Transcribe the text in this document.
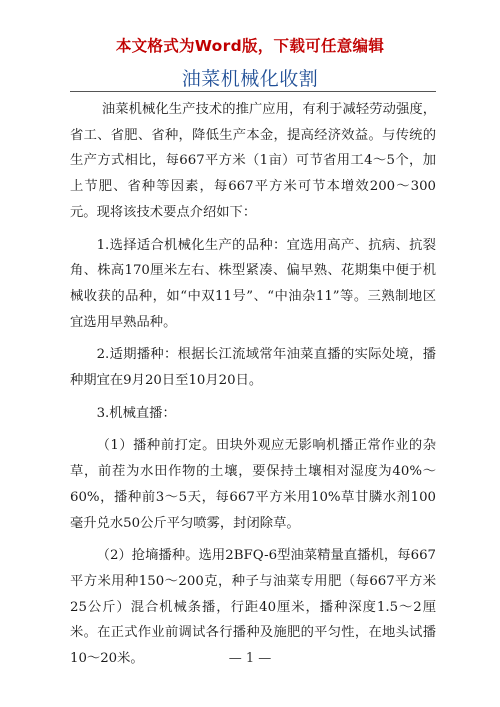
本文格式为Word版，下载可任意编辑
油菜机械化收割

油菜机械化生产技术的推广应用，有利于减轻劳动强度，省工、省肥、省种，降低生产本金，提高经济效益。与传统的生产方式相比，每667平方米（1亩）可节省用工4～5个，加上节肥、省种等因素，每667平方米可节本增效200～300元。现将该技术要点介绍如下：

1.选择适合机械化生产的品种：宜选用高产、抗病、抗裂角、株高170厘米左右、株型紧凑、偏早熟、花期集中便于机械收获的品种，如“中双11号”、“中油杂11”等。三熟制地区宜选用早熟品种。

2.适期播种：根据长江流域常年油菜直播的实际处境，播种期宜在9月20日至10月20日。

3.机械直播：

（1）播种前打定。田块外观应无影响机播正常作业的杂草，前茬为水田作物的土壤，要保持土壤相对湿度为40%～60%，播种前3～5天，每667平方米用10%草甘膦水剂100毫升兑水50公斤平匀喷雾，封闭除草。

（2）抢墒播种。选用2BFQ-6型油菜精量直播机，每667平方米用种150～200克，种子与油菜专用肥（每667平方米25公斤）混合机械条播，行距40厘米，播种深度1.5～2厘米。在正式作业前调试各行播种及施肥的平匀性，在地头试播10～20米。	— 1 —
